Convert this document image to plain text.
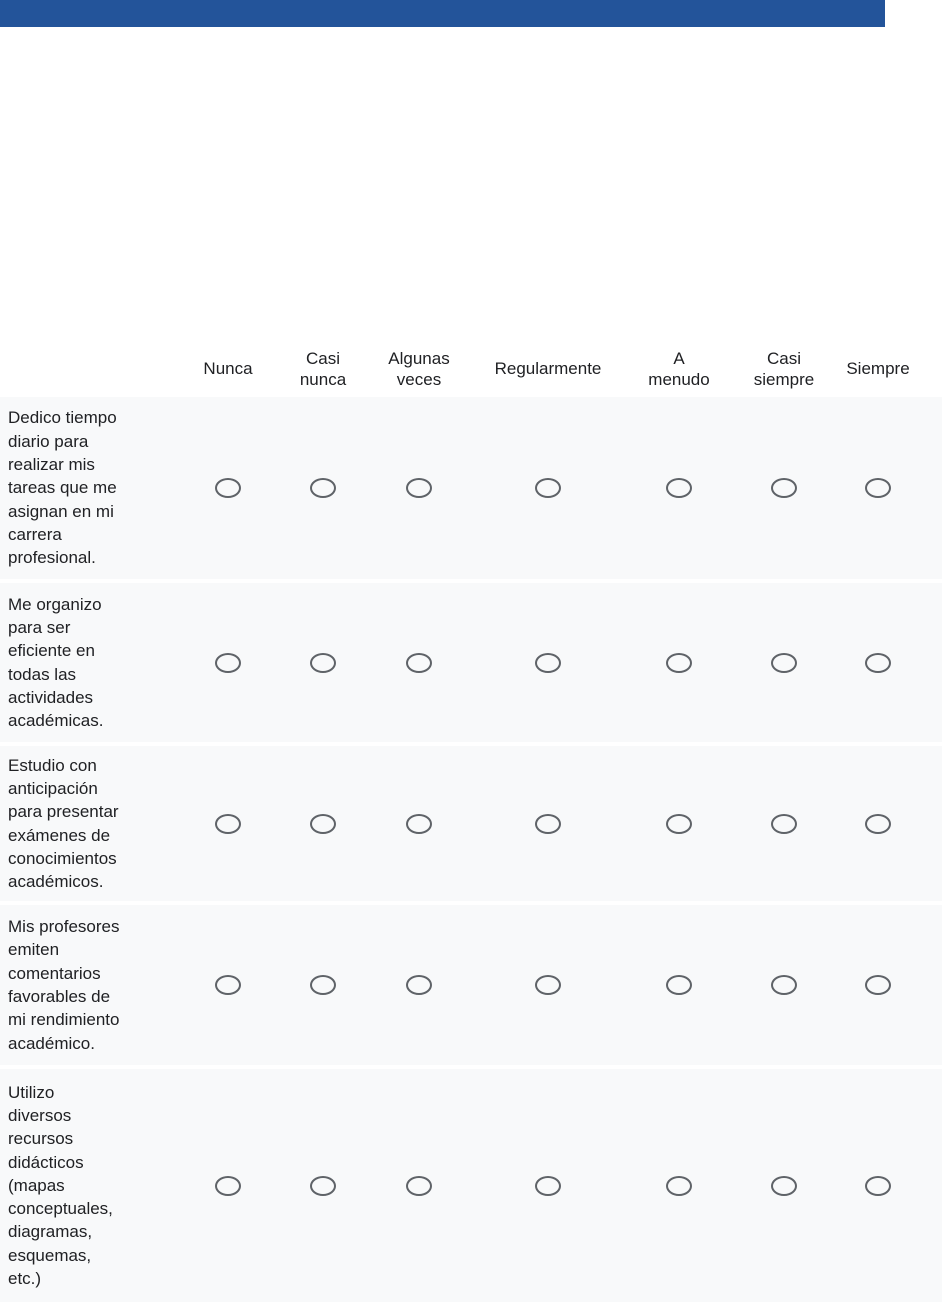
Nunca
Casi
nunca
Algunas
veces
Regularmente
A
menudo
Casi
siempre
Siempre
Dedico tiempo
diario para
realizar mis
tareas que me
asignan en mi
carrera
profesional.
Me organizo
para ser
eficiente en
todas las
actividades
académicas.
Estudio con
anticipación
para presentar
exámenes de
conocimientos
académicos.
Mis profesores
emiten
comentarios
favorables de
mi rendimiento
académico.
Utilizo
diversos
recursos
didácticos
(mapas
conceptuales,
diagramas,
esquemas,
etc.)
